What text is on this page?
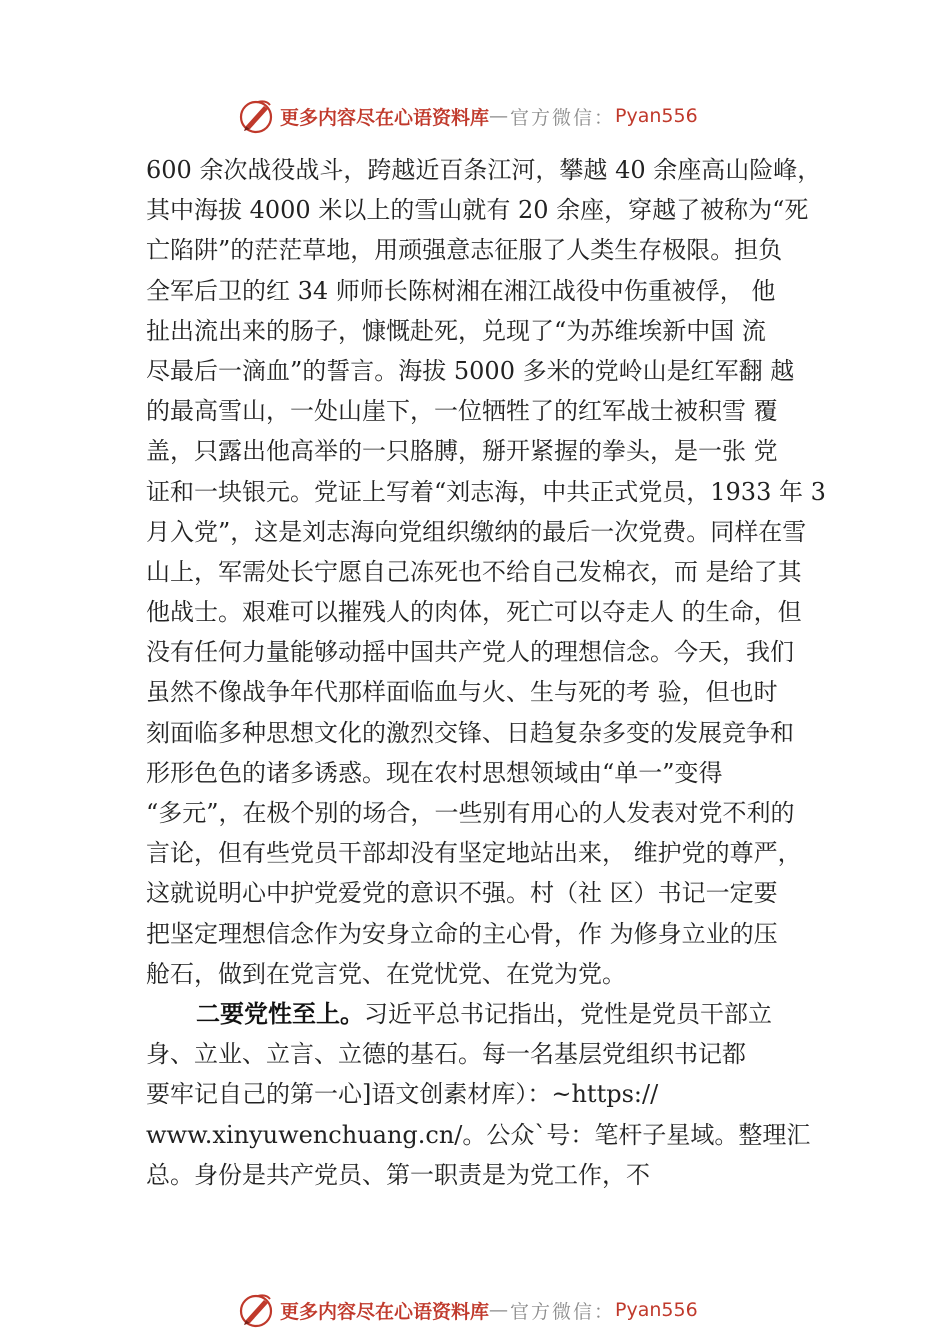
更多内容尽在心语资料库 — 官方微信： Pyan556
600 余次战役战斗，跨越近百条江河，攀越 40 余座高山险峰，
其中海拔 4000 米以上的雪山就有 20 余座，穿越了被称为“死
亡陷阱”的茫茫草地，用顽强意志征服了人类生存极限。担负
全军后卫的红 34 师师长陈树湘在湘江战役中伤重被俘， 他
扯出流出来的肠子，慷慨赴死，兑现了“为苏维埃新中国 流
尽最后一滴血”的誓言。海拔 5000 多米的党岭山是红军翻 越
的最高雪山，一处山崖下，一位牺牲了的红军战士被积雪 覆
盖，只露出他高举的一只胳膊，掰开紧握的拳头，是一张 党
证和一块银元。党证上写着“刘志海，中共正式党员，1933 年 3
月入党”，这是刘志海向党组织缴纳的最后一次党费。同样在雪
山上，军需处长宁愿自己冻死也不给自己发棉衣，而 是给了其
他战士。艰难可以摧残人的肉体，死亡可以夺走人 的生命，但
没有任何力量能够动摇中国共产党人的理想信念。今天，我们
虽然不像战争年代那样面临血与火、生与死的考 验，但也时
刻面临多种思想文化的激烈交锋、日趋复杂多变的发展竞争和
形形色色的诸多诱惑。现在农村思想领域由“单一”变得
“多元”，在极个别的场合，一些别有用心的人发表对党不利的
言论，但有些党员干部却没有坚定地站出来， 维护党的尊严，
这就说明心中护党爱党的意识不强。村（社 区）书记一定要
把坚定理想信念作为安身立命的主心骨，作 为修身立业的压
舱石，做到在党言党、在党忧党、在党为党。
二要党性至上。习近平总书记指出，党性是党员干部立
身、立业、立言、立德的基石。每一名基层党组织书记都
要牢记自己的第一心]语文创素材库）：~https://
www.xinyuwenchuang.cn/。公众`号：笔杆子星域。整理汇
总。身份是共产党员、第一职责是为党工作，不
更多内容尽在心语资料库 — 官方微信： Pyan556
